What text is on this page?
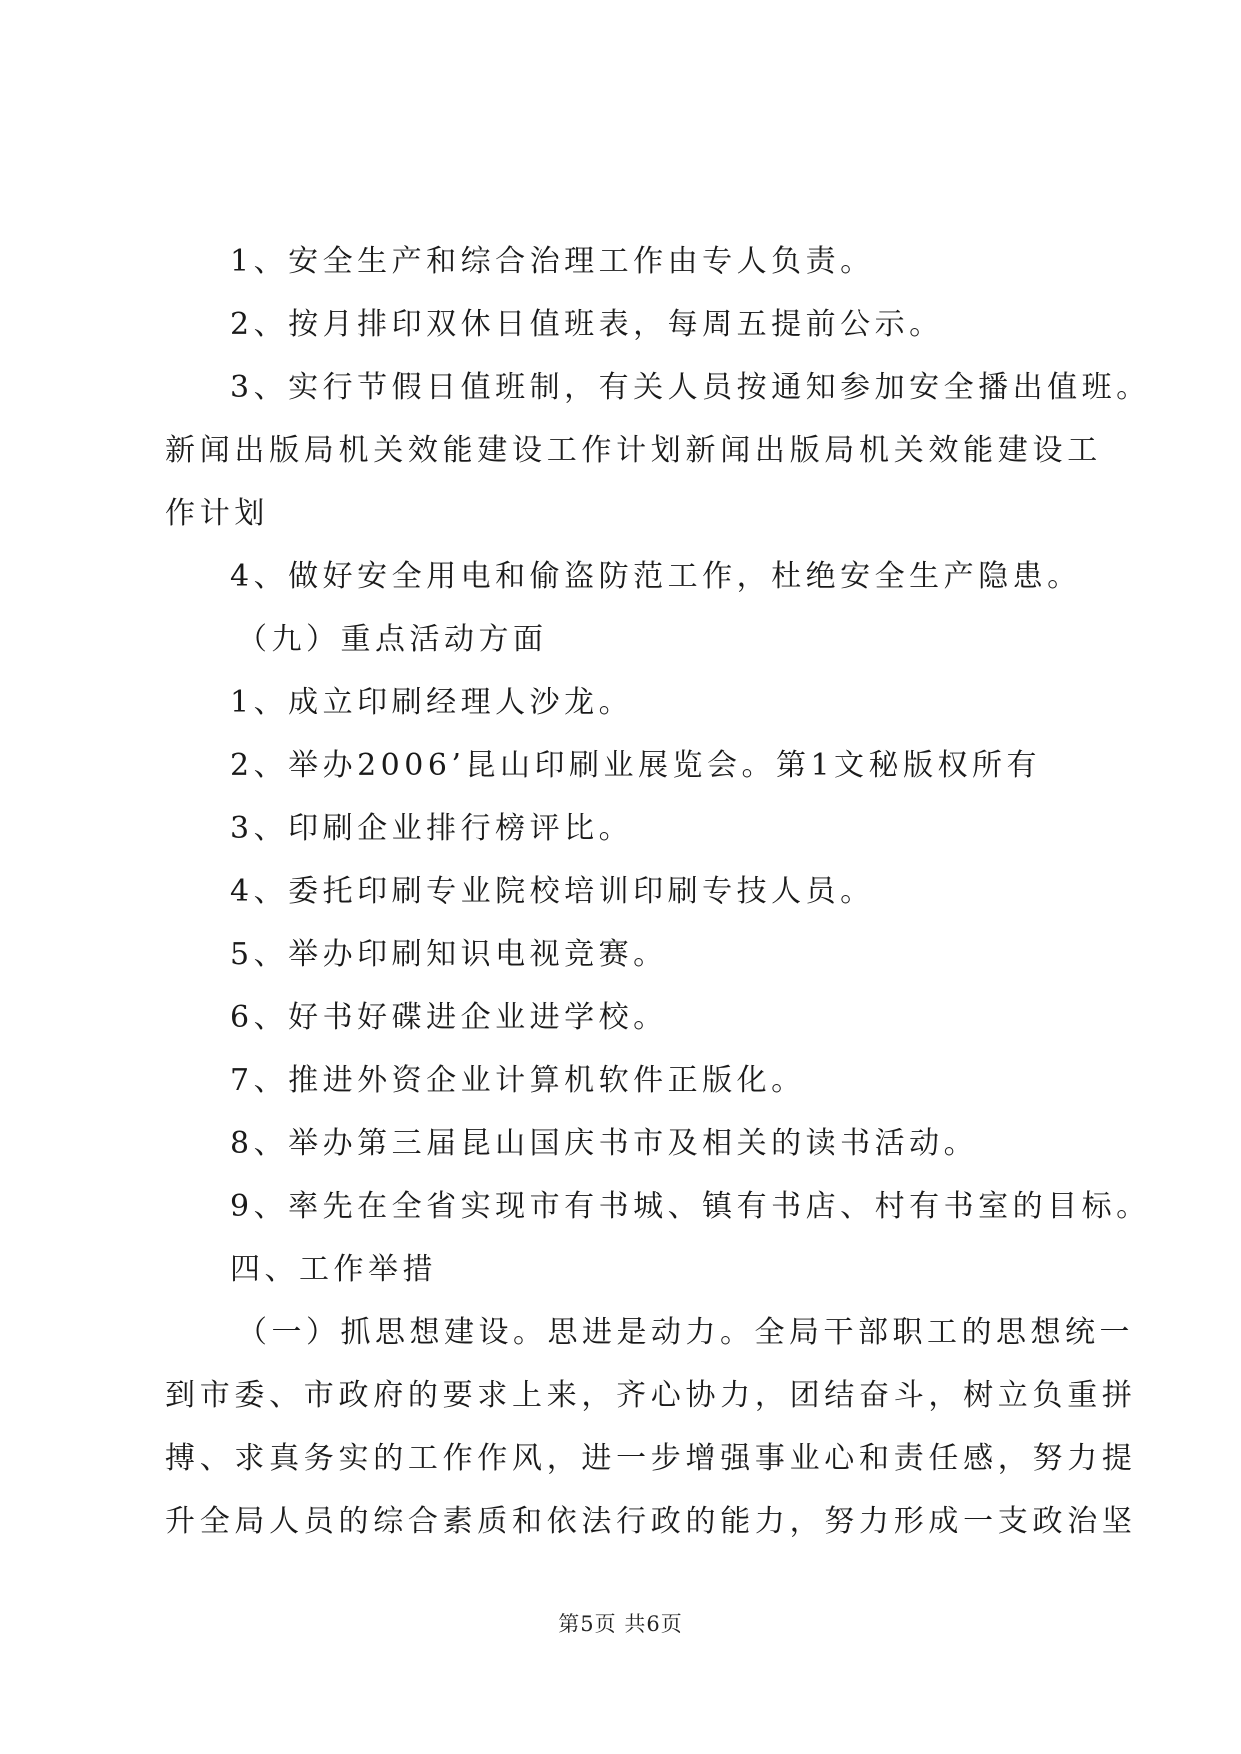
1、安全生产和综合治理工作由专人负责。
2、按月排印双休日值班表，每周五提前公示。
3、实行节假日值班制，有关人员按通知参加安全播出值班。
新闻出版局机关效能建设工作计划新闻出版局机关效能建设工
作计划
4、做好安全用电和偷盗防范工作，杜绝安全生产隐患。
（九）重点活动方面
1、成立印刷经理人沙龙。
2、举办2006’昆山印刷业展览会。第1文秘版权所有
3、印刷企业排行榜评比。
4、委托印刷专业院校培训印刷专技人员。
5、举办印刷知识电视竞赛。
6、好书好碟进企业进学校。
7、推进外资企业计算机软件正版化。
8、举办第三届昆山国庆书市及相关的读书活动。
9、率先在全省实现市有书城、镇有书店、村有书室的目标。
四、工作举措
（一）抓思想建设。思进是动力。全局干部职工的思想统一
到市委、市政府的要求上来，齐心协力，团结奋斗，树立负重拼
搏、求真务实的工作作风，进一步增强事业心和责任感，努力提
升全局人员的综合素质和依法行政的能力，努力形成一支政治坚
第5页 共6页
